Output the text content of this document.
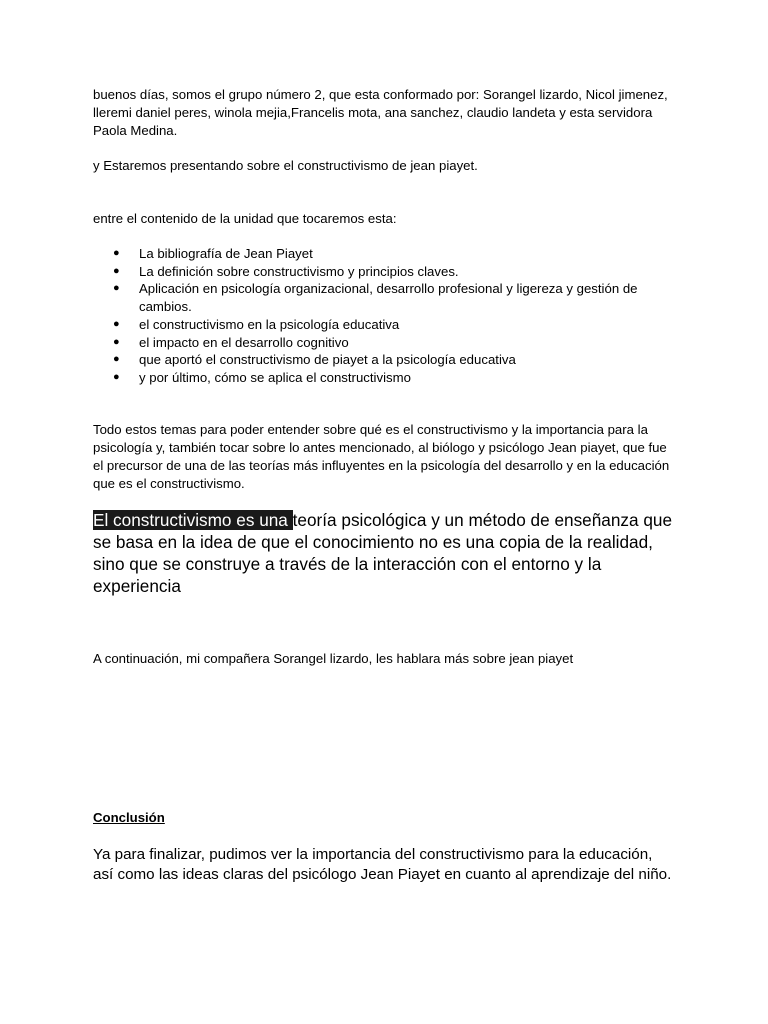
buenos días, somos el grupo número 2, que esta conformado por: Sorangel lizardo, Nicol jimenez, lleremi daniel peres, winola mejia,Francelis mota, ana sanchez, claudio landeta y esta servidora Paola Medina.

y Estaremos presentando sobre el constructivismo de jean piayet.

entre el contenido de la unidad que tocaremos esta:

● La bibliografía de Jean Piayet
● La definición sobre constructivismo y principios claves.
● Aplicación en psicología organizacional, desarrollo profesional y ligereza y gestión de cambios.
● el constructivismo en la psicología educativa
● el impacto en el desarrollo cognitivo
● que aportó el constructivismo de piayet a la psicología educativa
● y por último, cómo se aplica el constructivismo

Todo estos temas para poder entender sobre qué es el constructivismo y la importancia para la psicología y, también tocar sobre lo antes mencionado, al biólogo y psicólogo Jean piayet, que fue el precursor de una de las teorías más influyentes en la psicología del desarrollo y en la educación que es el constructivismo.

El constructivismo es una teoría psicológica y un método de enseñanza que se basa en la idea de que el conocimiento no es una copia de la realidad, sino que se construye a través de la interacción con el entorno y la experiencia

A continuación, mi compañera Sorangel lizardo, les hablara más sobre jean piayet

Conclusión

Ya para finalizar, pudimos ver la importancia del constructivismo para la educación, así como las ideas claras del psicólogo Jean Piayet en cuanto al aprendizaje del niño.
